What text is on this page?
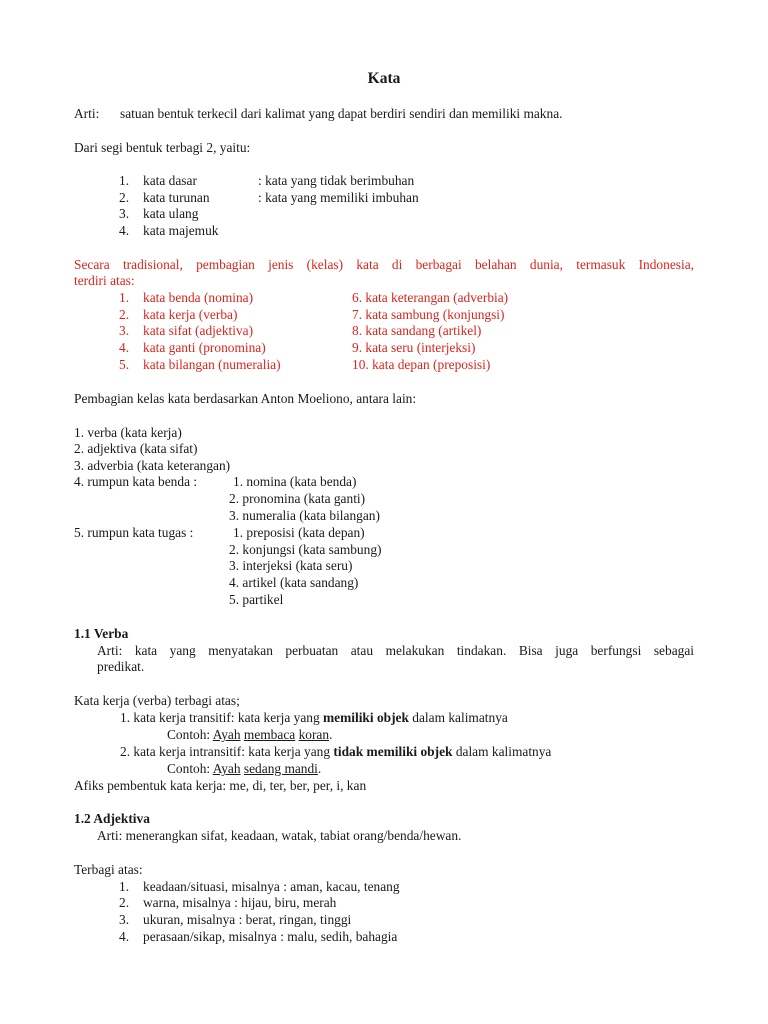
Kata
Arti: satuan bentuk terkecil dari kalimat yang dapat berdiri sendiri dan memiliki makna.
Dari segi bentuk terbagi 2, yaitu:
1. kata dasar	: kata yang tidak berimbuhan
2. kata turunan	: kata yang memiliki imbuhan
3. kata ulang
4. kata majemuk
Secara tradisional, pembagian jenis (kelas) kata di berbagai belahan dunia, termasuk Indonesia,
terdiri atas:
1. kata benda (nomina)
2. kata kerja (verba)
3. kata sifat (adjektiva)
4. kata ganti (pronomina)
5. kata bilangan (numeralia)
6. kata keterangan (adverbia)
7. kata sambung (konjungsi)
8. kata sandang (artikel)
9. kata seru (interjeksi)
10. kata depan (preposisi)
Pembagian kelas kata berdasarkan Anton Moeliono, antara lain:
1. verba (kata kerja)
2. adjektiva (kata sifat)
3. adverbia (kata keterangan)
4. rumpun kata benda :	1. nomina (kata benda)
2. pronomina (kata ganti)
3. numeralia (kata bilangan)
5. rumpun kata tugas :	1. preposisi (kata depan)
2. konjungsi (kata sambung)
3. interjeksi (kata seru)
4. artikel (kata sandang)
5. partikel
1.1 Verba
Arti: kata yang menyatakan perbuatan atau melakukan tindakan. Bisa juga berfungsi sebagai
predikat.
Kata kerja (verba) terbagi atas;
1. kata kerja transitif: kata kerja yang memiliki objek dalam kalimatnya
Contoh: Ayah membaca koran.
2. kata kerja intransitif: kata kerja yang tidak memiliki objek dalam kalimatnya
Contoh: Ayah sedang mandi.
Afiks pembentuk kata kerja: me, di, ter, ber, per, i, kan
1.2 Adjektiva
Arti: menerangkan sifat, keadaan, watak, tabiat orang/benda/hewan.
Terbagi atas:
1. keadaan/situasi, misalnya : aman, kacau, tenang
2. warna, misalnya : hijau, biru, merah
3. ukuran, misalnya : berat, ringan, tinggi
4. perasaan/sikap, misalnya : malu, sedih, bahagia
